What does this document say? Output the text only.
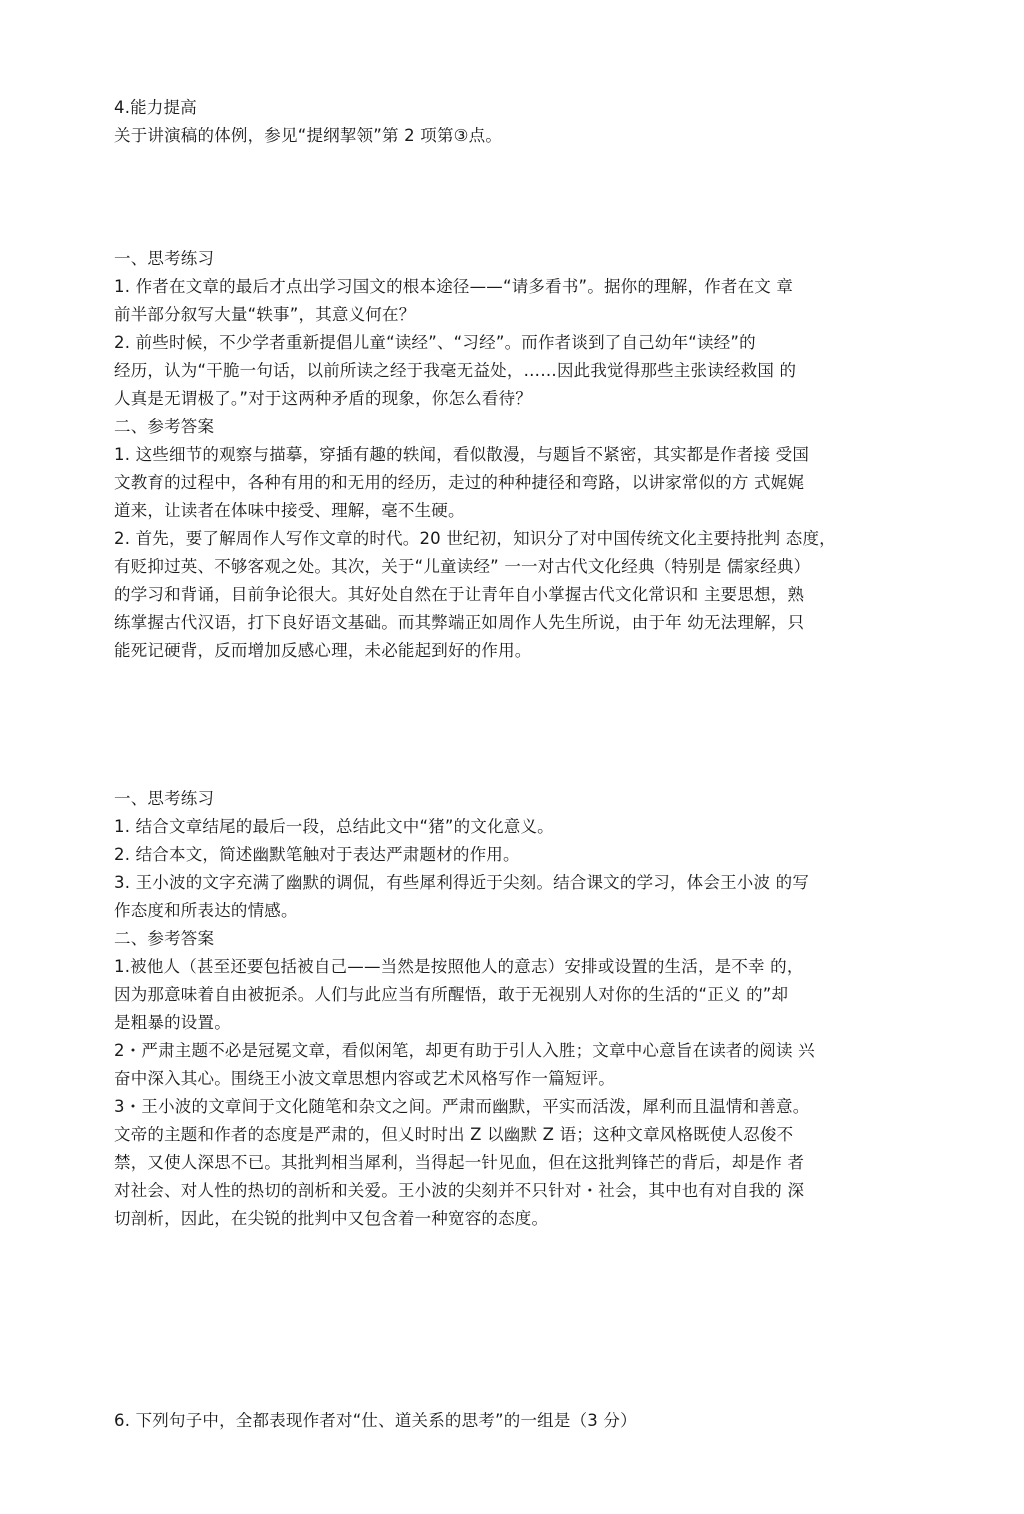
4.能力提高
关于讲演稿的体例，参见“提纲挈领”第 2 项第③点。
一、思考练习
1. 作者在文章的最后才点出学习国文的根本途径——“请多看书”。据你的理解，作者在文 章
前半部分叙写大量“轶事”，其意义何在？
2. 前些时候，不少学者重新提倡儿童“读经”、“习经”。而作者谈到了自己幼年“读经”的
经历，认为“干脆一句话，以前所读之经于我毫无益处，……因此我觉得那些主张读经救国 的
人真是无谓极了。”对于这两种矛盾的现象，你怎么看待？
二、参考答案
1. 这些细节的观察与描摹，穿插有趣的轶闻，看似散漫，与题旨不紧密，其实都是作者接 受国
文教育的过程中，各种有用的和无用的经历，走过的种种捷径和弯路，以讲家常似的方 式娓娓
道来，让读者在体味中接受、理解，毫不生硬。
2. 首先，要了解周作人写作文章的时代。20 世纪初，知识分了对中国传统文化主要持批判 态度，
有贬抑过英、不够客观之处。其次，关于“儿童读经” 一一对古代文化经典（特别是 儒家经典）
的学习和背诵，目前争论很大。其好处自然在于让青年自小掌握古代文化常识和 主要思想，熟
练掌握古代汉语，打下良好语文基础。而其弊端正如周作人先生所说，由于年 幼无法理解，只
能死记硬背，反而增加反感心理，未必能起到好的作用。
一、思考练习
1. 结合文章结尾的最后一段，总结此文中“猪”的文化意义。
2. 结合本文，简述幽默笔触对于表达严肃题材的作用。
3. 王小波的文字充满了幽默的调侃，有些犀利得近于尖刻。结合课文的学习，体会王小波 的写
作态度和所表达的情感。
二、参考答案
1.被他人（甚至还要包括被自己——当然是按照他人的意志）安排或设置的生活，是不幸 的，
因为那意味着自由被扼杀。人们与此应当有所醒悟，敢于无视别人对你的生活的“正义 的”却
是粗暴的设置。
2・严肃主题不必是冠冕文章，看似闲笔，却更有助于引人入胜；文章中心意旨在读者的阅读 兴
奋中深入其心。围绕王小波文章思想内容或艺术风格写作一篇短评。
3・王小波的文章间于文化随笔和杂文之间。严肃而幽默，平实而活泼，犀利而且温情和善意。
文帝的主题和作者的态度是严肃的，但乂时时出 Z 以幽默 Z 语；这种文章风格既使人忍俊不
禁，又使人深思不已。其批判相当犀利，当得起一针见血，但在这批判锋芒的背后，却是作 者
对社会、对人性的热切的剖析和关爱。王小波的尖刻并不只针对・社会，其中也有对自我的 深
切剖析，因此，在尖锐的批判中又包含着一种宽容的态度。
6. 下列句子中，全都表现作者对“仕、道关系的思考”的一组是（3 分）
